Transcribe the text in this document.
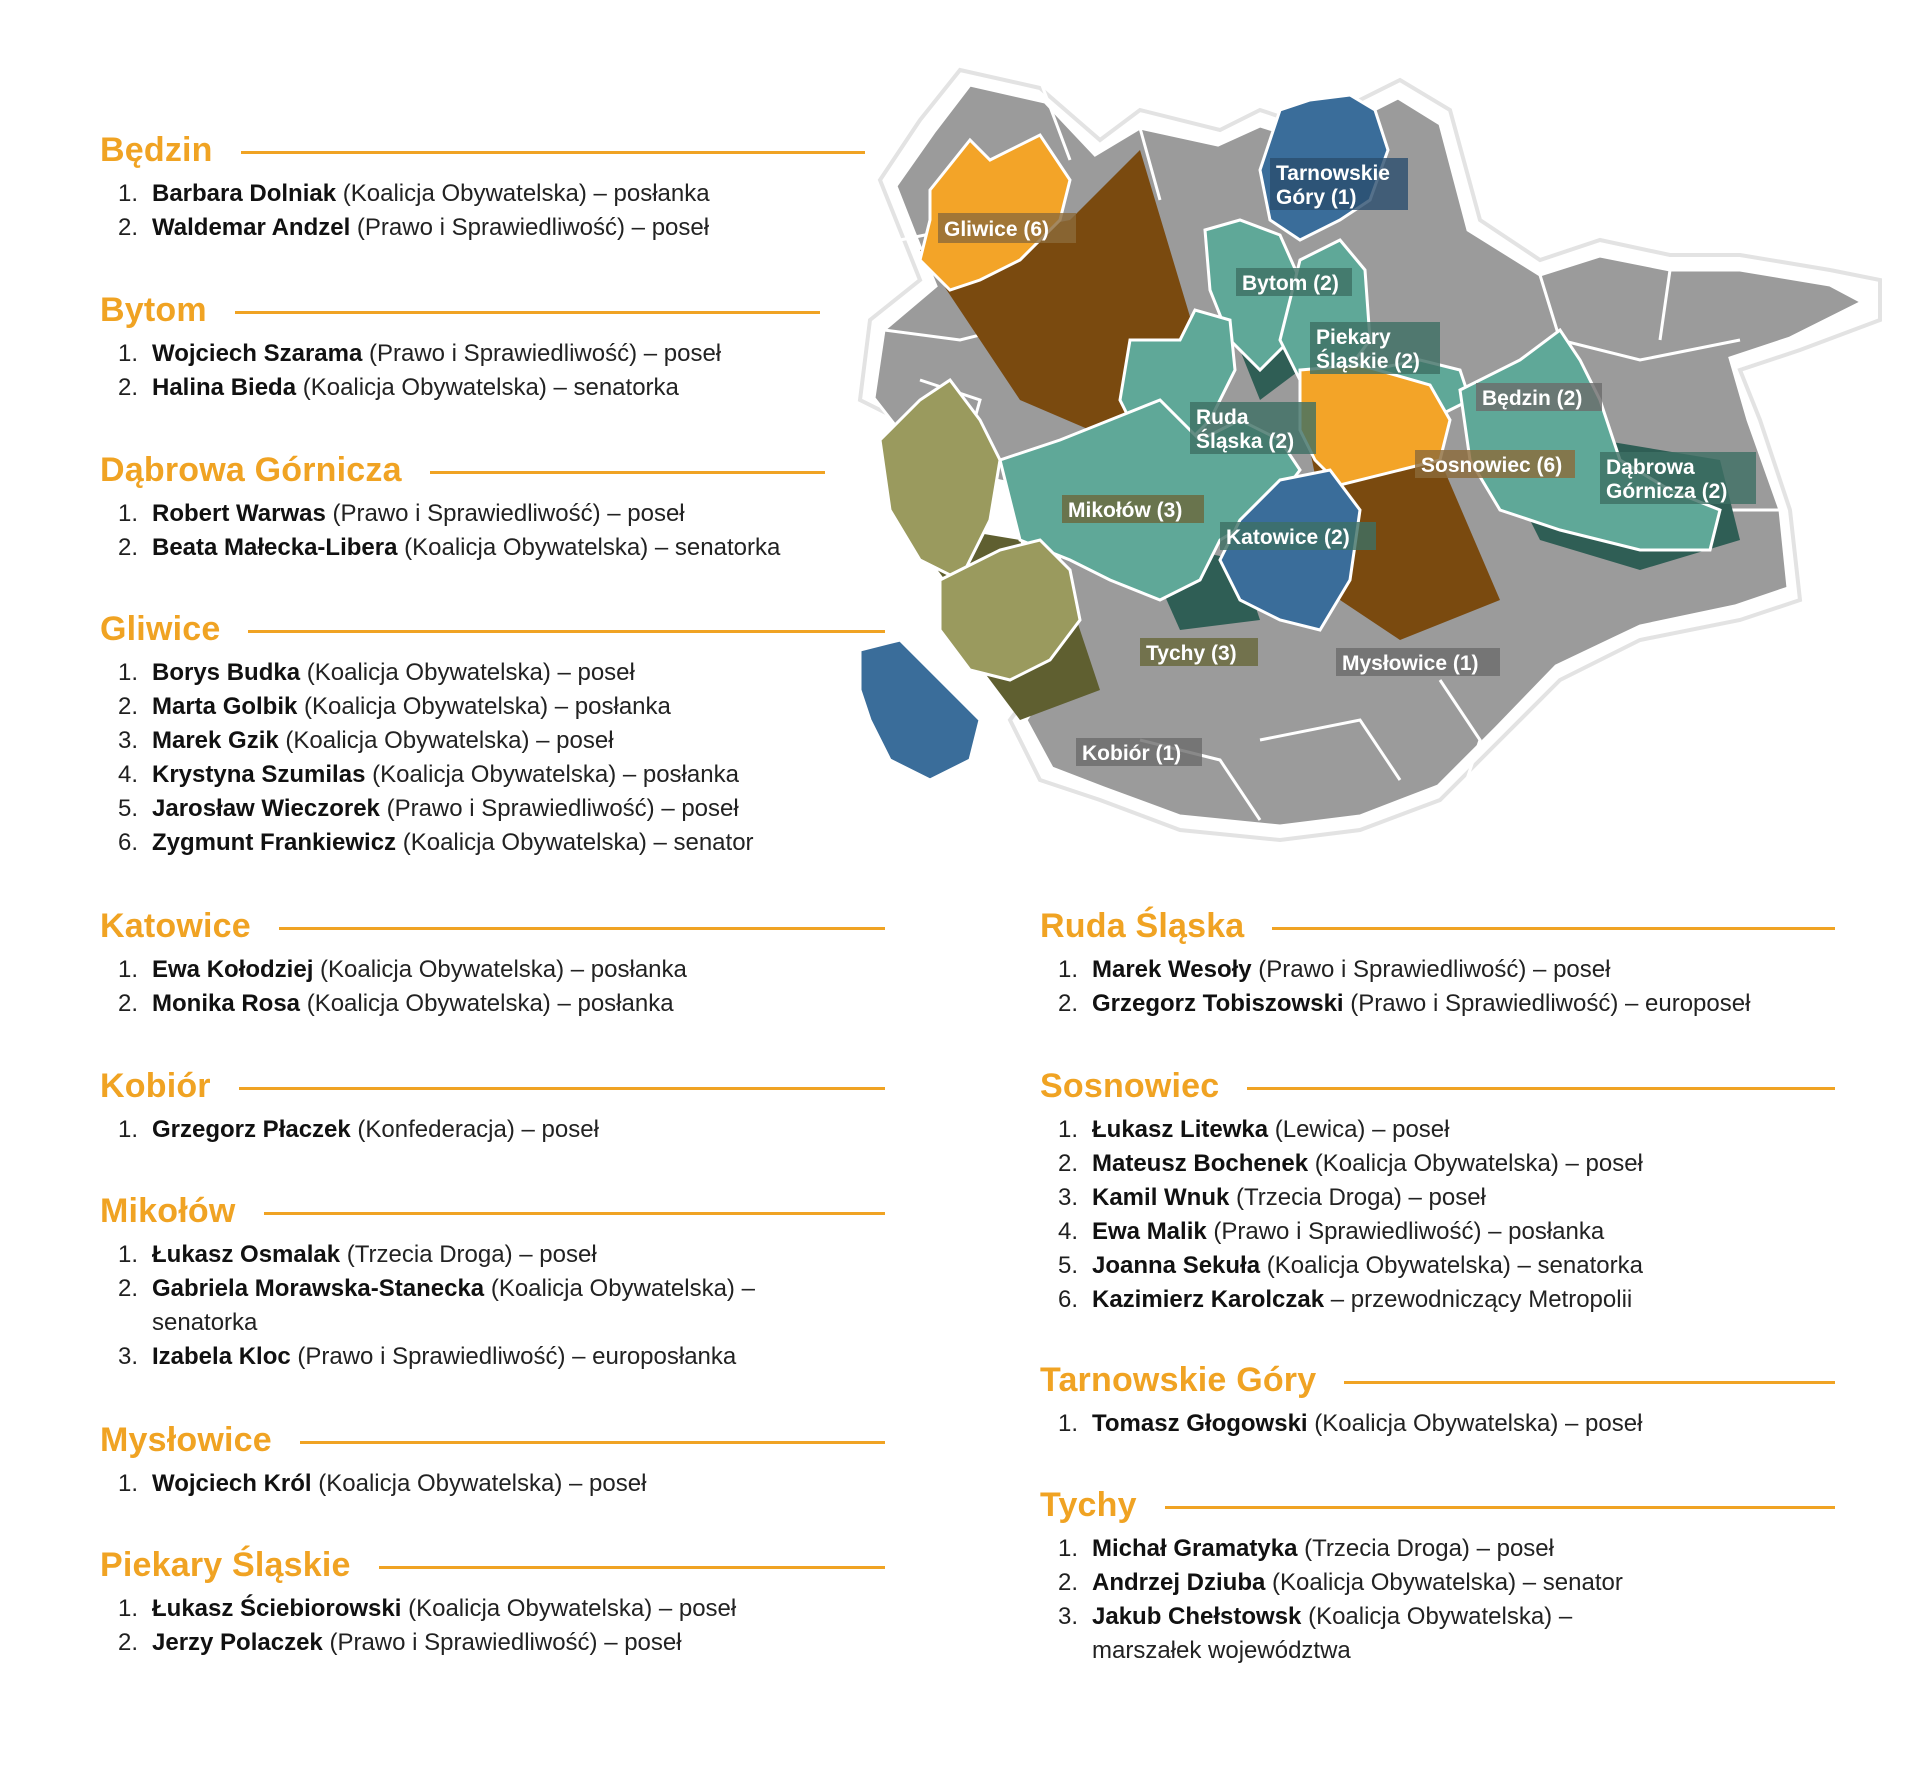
Będzin
1. Barbara Dolniak (Koalicja Obywatelska) – posłanka
2. Waldemar Andzel (Prawo i Sprawiedliwość) – poseł
Bytom
1. Wojciech Szarama (Prawo i Sprawiedliwość) – poseł
2. Halina Bieda (Koalicja Obywatelska) – senatorka
Dąbrowa Górnicza
1. Robert Warwas (Prawo i Sprawiedliwość) – poseł
2. Beata Małecka-Libera (Koalicja Obywatelska) – senatorka
Gliwice
1. Borys Budka (Koalicja Obywatelska) – poseł
2. Marta Golbik (Koalicja Obywatelska) – posłanka
3. Marek Gzik (Koalicja Obywatelska) – poseł
4. Krystyna Szumilas (Koalicja Obywatelska) – posłanka
5. Jarosław Wieczorek (Prawo i Sprawiedliwość) – poseł
6. Zygmunt Frankiewicz (Koalicja Obywatelska) – senator
Katowice
1. Ewa Kołodziej (Koalicja Obywatelska) – posłanka
2. Monika Rosa (Koalicja Obywatelska) – posłanka
Kobiór
1. Grzegorz Płaczek (Konfederacja) – poseł
Mikołów
1. Łukasz Osmalak (Trzecia Droga) – poseł
2. Gabriela Morawska-Stanecka (Koalicja Obywatelska) – senatorka
3. Izabela Kloc (Prawo i Sprawiedliwość) – europosłanka
Mysłowice
1. Wojciech Król (Koalicja Obywatelska) – poseł
Piekary Śląskie
1. Łukasz Ściebiorowski (Koalicja Obywatelska) – poseł
2. Jerzy Polaczek (Prawo i Sprawiedliwość) – poseł
Ruda Śląska
1. Marek Wesoły (Prawo i Sprawiedliwość) – poseł
2. Grzegorz Tobiszowski (Prawo i Sprawiedliwość) – europoseł
Sosnowiec
1. Łukasz Litewka (Lewica) – poseł
2. Mateusz Bochenek (Koalicja Obywatelska) – poseł
3. Kamil Wnuk (Trzecia Droga) – poseł
4. Ewa Malik (Prawo i Sprawiedliwość) – posłanka
5. Joanna Sekuła (Koalicja Obywatelska) – senatorka
6. Kazimierz Karolczak – przewodniczący Metropolii
Tarnowskie Góry
1. Tomasz Głogowski (Koalicja Obywatelska) – poseł
Tychy
1. Michał Gramatyka (Trzecia Droga) – poseł
2. Andrzej Dziuba (Koalicja Obywatelska) – senator
3. Jakub Chełstowsk (Koalicja Obywatelska) – marszałek województwa
Gliwice (6)
Tarnowskie
Góry (1)
Bytom (2)
Piekary
Śląskie (2)
Ruda
Śląska (2)
Będzin (2)
Sosnowiec (6) Dąbrowa
Górnicza (2)
Mikołów (3)
Katowice (2)
Tychy (3)	Mysłowice (1)
Kobiór (1)
